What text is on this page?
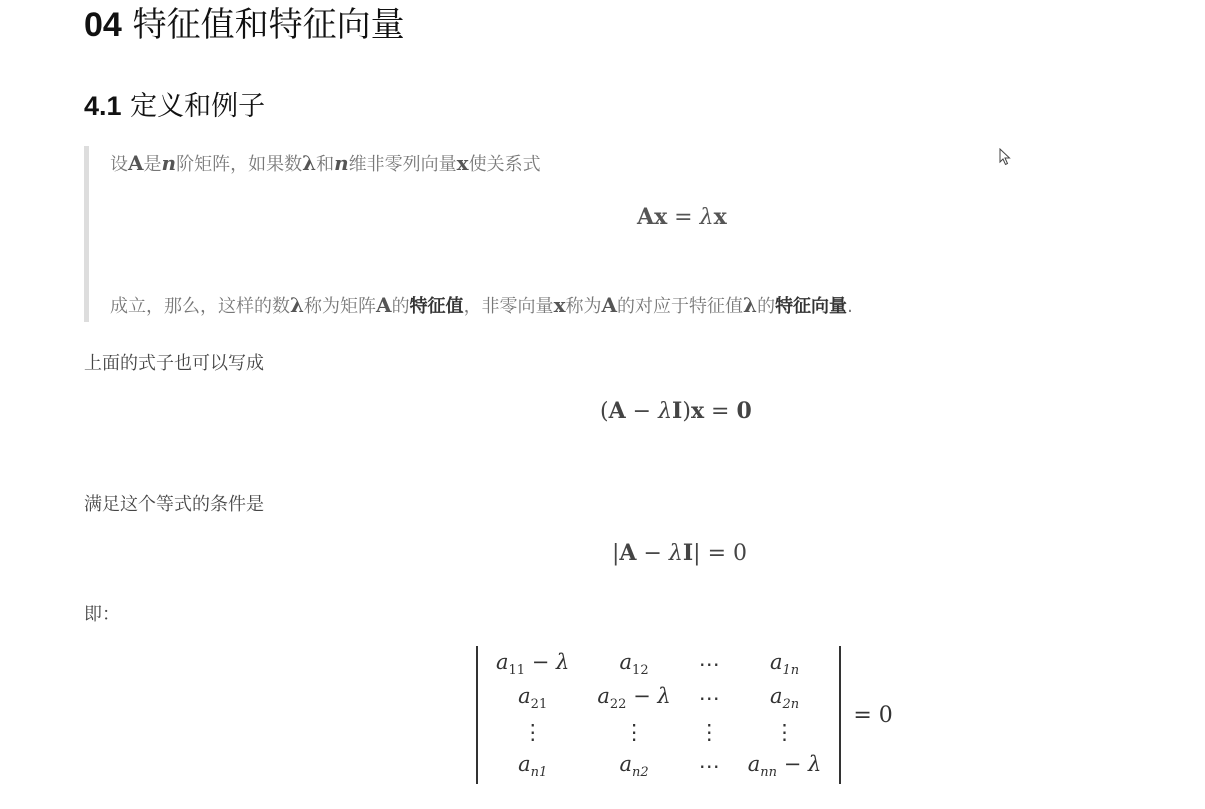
04 特征值和特征向量
4.1 定义和例子
设A是n阶矩阵，如果数λ和n维非零列向量x使关系式
Ax = λx
成立，那么，这样的数λ称为矩阵A的特征值，非零向量x称为A的对应于特征值λ的特征向量.
上面的式子也可以写成
(A − λI)x = 0
满足这个等式的条件是
|A − λI| = 0
即：
$a_{11} - \lambda$	$a_{12}$	⋯	$a_{1n}$
$a_{21}$	$a_{22} - \lambda$	⋯	$a_{2n}$
⋮	⋮	⋮	⋮
$a_{n1}$	$a_{n2}$	⋯	$a_{nn} - \lambda$
= 0
